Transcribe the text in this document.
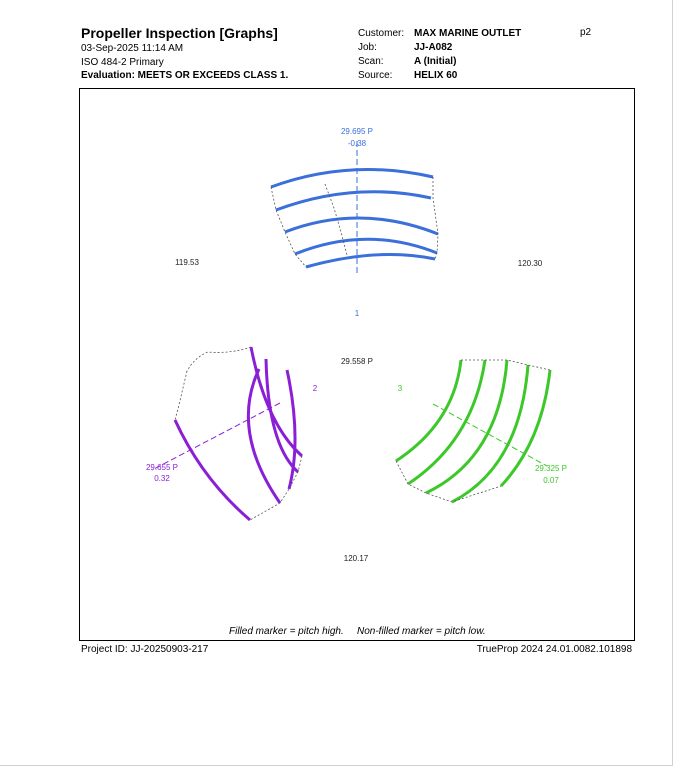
Propeller Inspection [Graphs]
03-Sep-2025 11:14 AM
ISO 484-2 Primary
Evaluation: MEETS OR EXCEEDS CLASS 1.
Customer: MAX MARINE OUTLET
Job:	JJ-A082
Scan:	A (Initial)
Source: HELIX 60
p2
29.695 P
-0.38
1
29.655 P
0.32
2
29.325 P
0.07
3
29.558 P
119.53	120.30
120.17
Filled marker = pitch high. Non-filled marker = pitch low.
Project ID: JJ-20250903-217	TrueProp 2024 24.01.0082.101898
